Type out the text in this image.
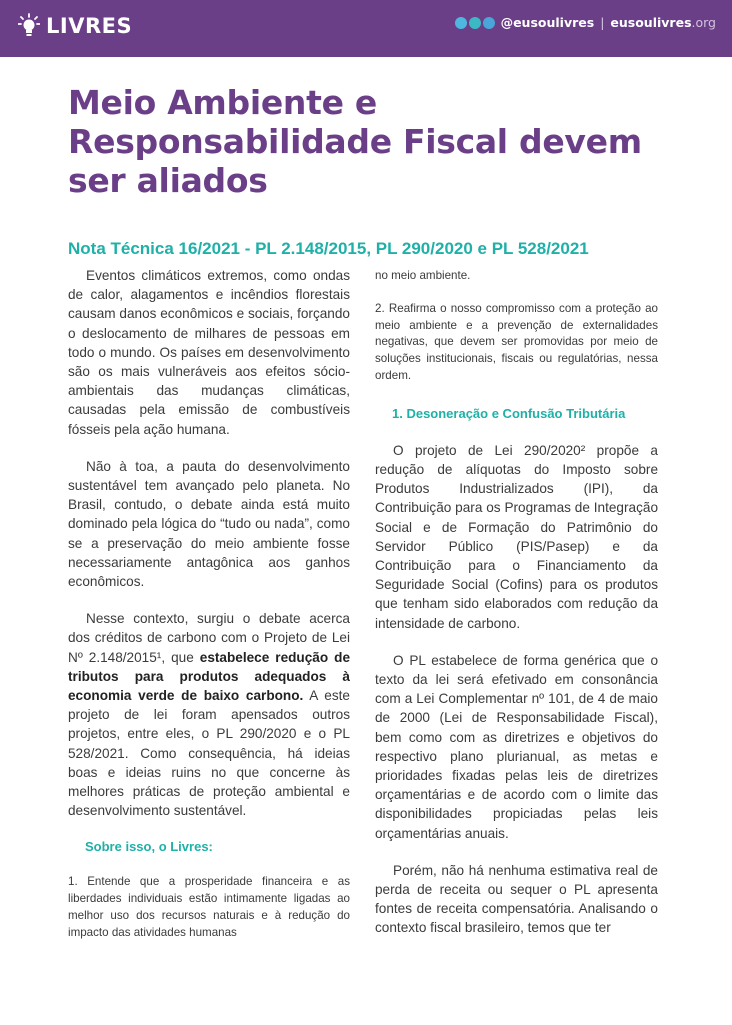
LIVRES	@eusoulivres | eusoulivres.org
Meio Ambiente e Responsabilidade Fiscal devem ser aliados
Nota Técnica 16/2021 - PL 2.148/2015, PL 290/2020 e PL 528/2021

Eventos climáticos extremos, como ondas de calor, alagamentos e incêndios florestais causam danos econômicos e sociais, forçando o deslocamento de milhares de pessoas em todo o mundo. Os países em desenvolvimento são os mais vulneráveis aos efeitos sócio-ambientais das mudanças climáticas, causadas pela emissão de combustíveis fósseis pela ação humana.

Não à toa, a pauta do desenvolvimento sustentável tem avançado pelo planeta. No Brasil, contudo, o debate ainda está muito dominado pela lógica do “tudo ou nada”, como se a preservação do meio ambiente fosse necessariamente antagônica aos ganhos econômicos.

Nesse contexto, surgiu o debate acerca dos créditos de carbono com o Projeto de Lei Nº 2.148/2015¹, que estabelece redução de tributos para produtos adequados à economia verde de baixo carbono. A este projeto de lei foram apensados outros projetos, entre eles, o PL 290/2020 e o PL 528/2021. Como consequência, há ideias boas e ideias ruins no que concerne às melhores práticas de proteção ambiental e desenvolvimento sustentável.

Sobre isso, o Livres:

1. Entende que a prosperidade financeira e as liberdades individuais estão intimamente ligadas ao melhor uso dos recursos naturais e à redução do impacto das atividades humanas

no meio ambiente.

2. Reafirma o nosso compromisso com a proteção ao meio ambiente e a prevenção de externalidades negativas, que devem ser promovidas por meio de soluções institucionais, fiscais ou regulatórias, nessa ordem.

1. Desoneração e Confusão Tributária

O projeto de Lei 290/2020² propõe a redução de alíquotas do Imposto sobre Produtos Industrializados (IPI), da Contribuição para os Programas de Integração Social e de Formação do Patrimônio do Servidor Público (PIS/Pasep) e da Contribuição para o Financiamento da Seguridade Social (Cofins) para os produtos que tenham sido elaborados com redução da intensidade de carbono.

O PL estabelece de forma genérica que o texto da lei será efetivado em consonância com a Lei Complementar nº 101, de 4 de maio de 2000 (Lei de Responsabilidade Fiscal), bem como com as diretrizes e objetivos do respectivo plano plurianual, as metas e prioridades fixadas pelas leis de diretrizes orçamentárias e de acordo com o limite das disponibilidades propiciadas pelas leis orçamentárias anuais.

Porém, não há nenhuma estimativa real de perda de receita ou sequer o PL apresenta fontes de receita compensatória. Analisando o contexto fiscal brasileiro, temos que ter
